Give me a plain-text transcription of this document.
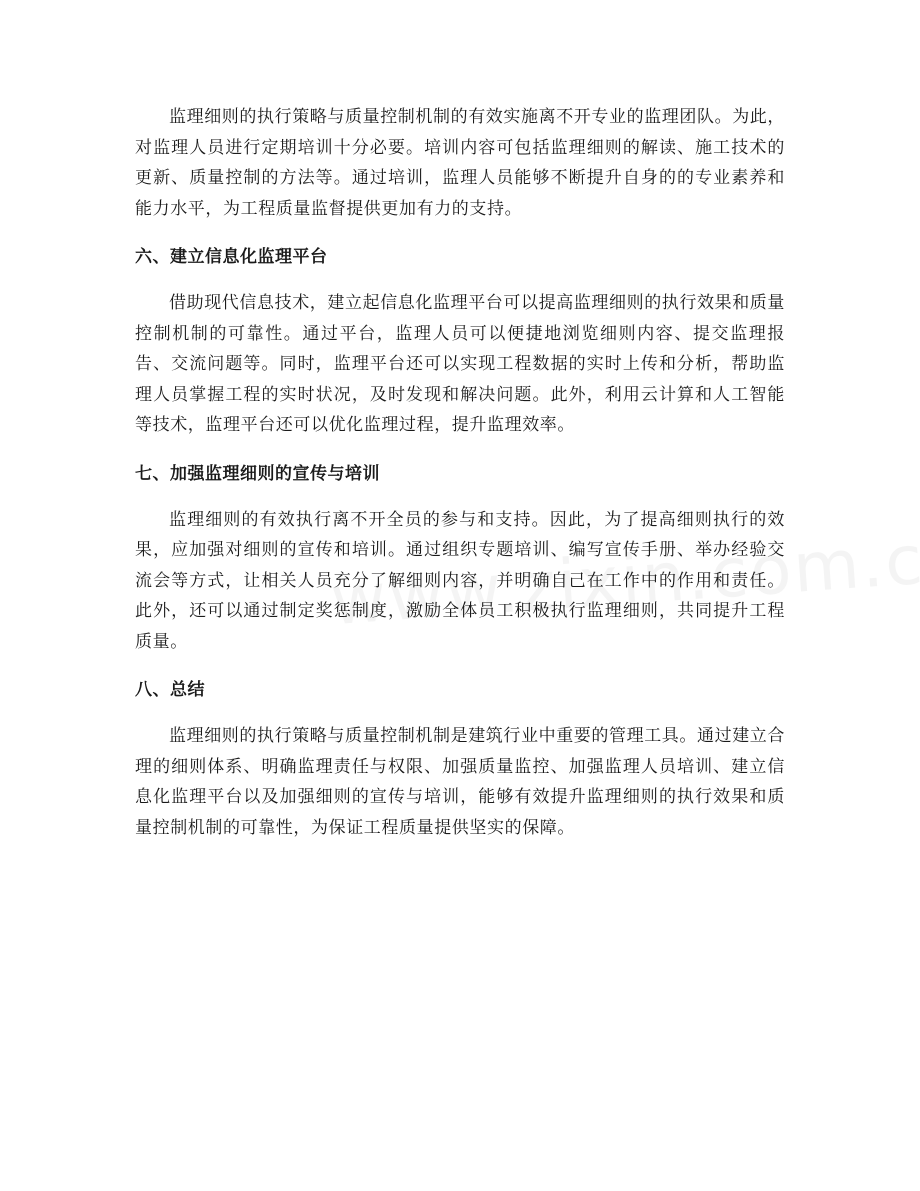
监理细则的执行策略与质量控制机制的有效实施离不开专业的监理团队。为此，对监理人员进行定期培训十分必要。培训内容可包括监理细则的解读、施工技术的更新、质量控制的方法等。通过培训，监理人员能够不断提升自身的的专业素养和能力水平，为工程质量监督提供更加有力的支持。

六、建立信息化监理平台

借助现代信息技术，建立起信息化监理平台可以提高监理细则的执行效果和质量控制机制的可靠性。通过平台，监理人员可以便捷地浏览细则内容、提交监理报告、交流问题等。同时，监理平台还可以实现工程数据的实时上传和分析，帮助监理人员掌握工程的实时状况，及时发现和解决问题。此外，利用云计算和人工智能等技术，监理平台还可以优化监理过程，提升监理效率。

七、加强监理细则的宣传与培训

监理细则的有效执行离不开全员的参与和支持。因此，为了提高细则执行的效果，应加强对细则的宣传和培训。通过组织专题培训、编写宣传手册、举办经验交流会等方式，让相关人员充分了解细则内容，并明确自己在工作中的作用和责任。此外，还可以通过制定奖惩制度，激励全体员工积极执行监理细则，共同提升工程质量。

八、总结

监理细则的执行策略与质量控制机制是建筑行业中重要的管理工具。通过建立合理的细则体系、明确监理责任与权限、加强质量监控、加强监理人员培训、建立信息化监理平台以及加强细则的宣传与培训，能够有效提升监理细则的执行效果和质量控制机制的可靠性，为保证工程质量提供坚实的保障。
